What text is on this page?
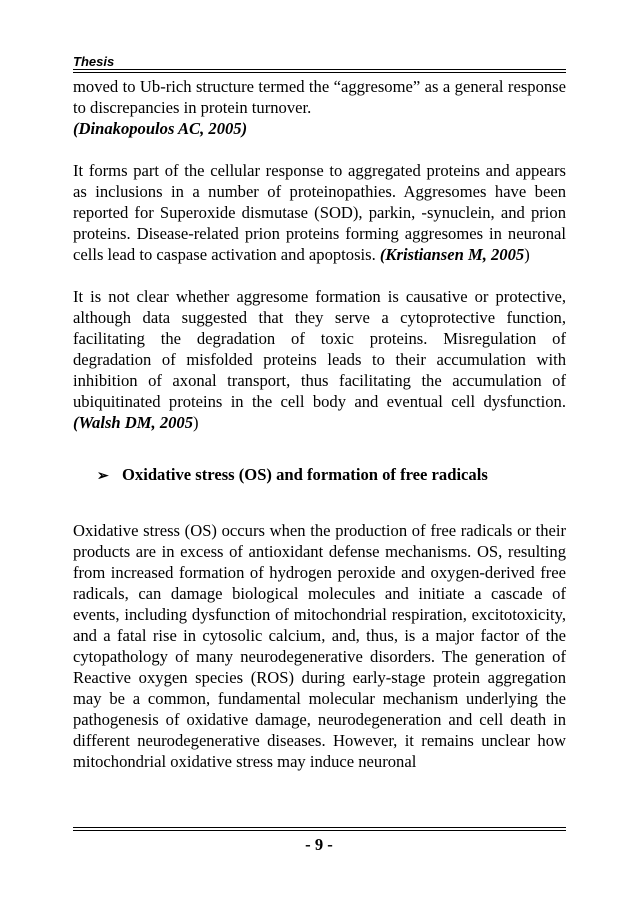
Thesis

moved to Ub-rich structure termed the “aggresome” as a general response to discrepancies in protein turnover.
(Dinakopoulos AC, 2005)

It forms part of the cellular response to aggregated proteins and appears as inclusions in a number of proteinopathies. Aggresomes have been reported for Superoxide dismutase (SOD), parkin, -synuclein, and prion proteins. Disease-related prion proteins forming aggresomes in neuronal cells lead to caspase activation and apoptosis. (Kristiansen M, 2005)

It is not clear whether aggresome formation is causative or protective, although data suggested that they serve a cytoprotective function, facilitating the degradation of toxic proteins. Misregulation of degradation of misfolded proteins leads to their accumulation with inhibition of axonal transport, thus facilitating the accumulation of ubiquitinated proteins in the cell body and eventual cell dysfunction. (Walsh DM, 2005)

➢ Oxidative stress (OS) and formation of free radicals

Oxidative stress (OS) occurs when the production of free radicals or their products are in excess of antioxidant defense mechanisms. OS, resulting from increased formation of hydrogen peroxide and oxygen-derived free radicals, can damage biological molecules and initiate a cascade of events, including dysfunction of mitochondrial respiration, excitotoxicity, and a fatal rise in cytosolic calcium, and, thus, is a major factor of the cytopathology of many neurodegenerative disorders. The generation of Reactive oxygen species (ROS) during early-stage protein aggregation may be a common, fundamental molecular mechanism underlying the pathogenesis of oxidative damage, neurodegeneration and cell death in different neurodegenerative diseases. However, it remains unclear how mitochondrial oxidative stress may induce neuronal

- 9 -
